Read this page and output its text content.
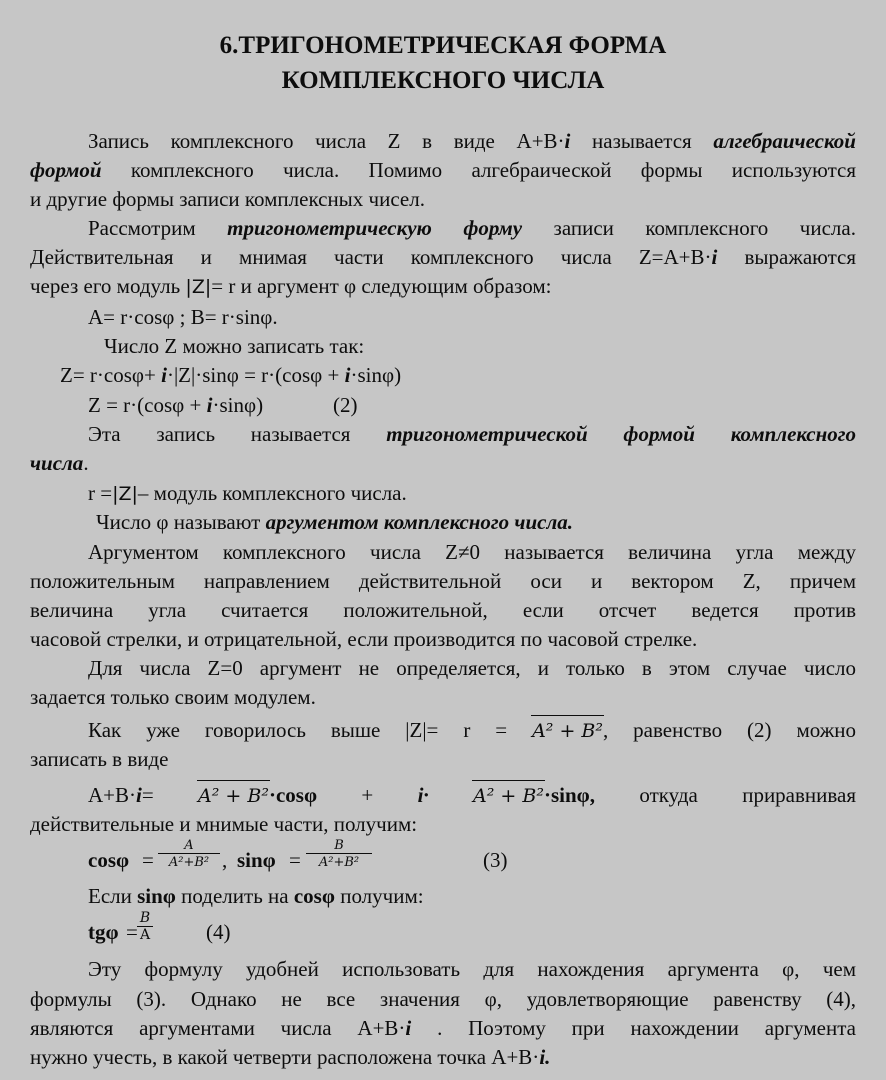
6.ТРИГОНОМЕТРИЧЕСКАЯ ФОРМА
КОМПЛЕКСНОГО ЧИСЛА
Запись комплексного числа Z в виде A+B·i называется алгебраической
формой комплексного числа. Помимо алгебраической формы используются
и другие формы записи комплексных чисел.
Рассмотрим тригонометрическую форму записи комплексного числа.
Действительная и мнимая части комплексного числа Z=A+B·i выражаются
через его модуль |Z|= r и аргумент φ следующим образом:
A= r·cosφ ; B= r·sinφ.
Число Z можно записать так:
Z= r·cosφ+ i·|Z|·sinφ = r·(cosφ + i·sinφ)
Z = r·(cosφ + i·sinφ)	(2)
Эта запись называется тригонометрической формой комплексного
числа.
r =|Z|– модуль комплексного числа.
Число φ называют аргументом комплексного числа.
Аргументом комплексного числа Z≠0 называется величина угла между
положительным направлением действительной оси и вектором Z, причем
величина угла считается положительной, если отсчет ведется против
часовой стрелки, и отрицательной, если производится по часовой стрелке.
Для числа Z=0 аргумент не определяется, и только в этом случае число
задается только своим модулем.
Как уже говорилось выше |Z|= r = A² + B², равенство (2) можно
записать в виде
A+B·i= A² + B²·cosφ + i· A² + B²·sinφ, откуда приравнивая
действительные и мнимые части, получим:
$\cos\varphi = \frac{A}{\text{A²+B²}}$ , $\sin\varphi = \frac{B}{\text{A²+B²}}$	(3)
Если sinφ поделить на cosφ получим:
$tg\varphi = \frac{B}{A}$	(4)
Эту формулу удобней использовать для нахождения аргумента φ, чем
формулы (3). Однако не все значения φ, удовлетворяющие равенству (4),
являются аргументами числа A+B·i . Поэтому при нахождении аргумента
нужно учесть, в какой четверти расположена точка A+B·i.
